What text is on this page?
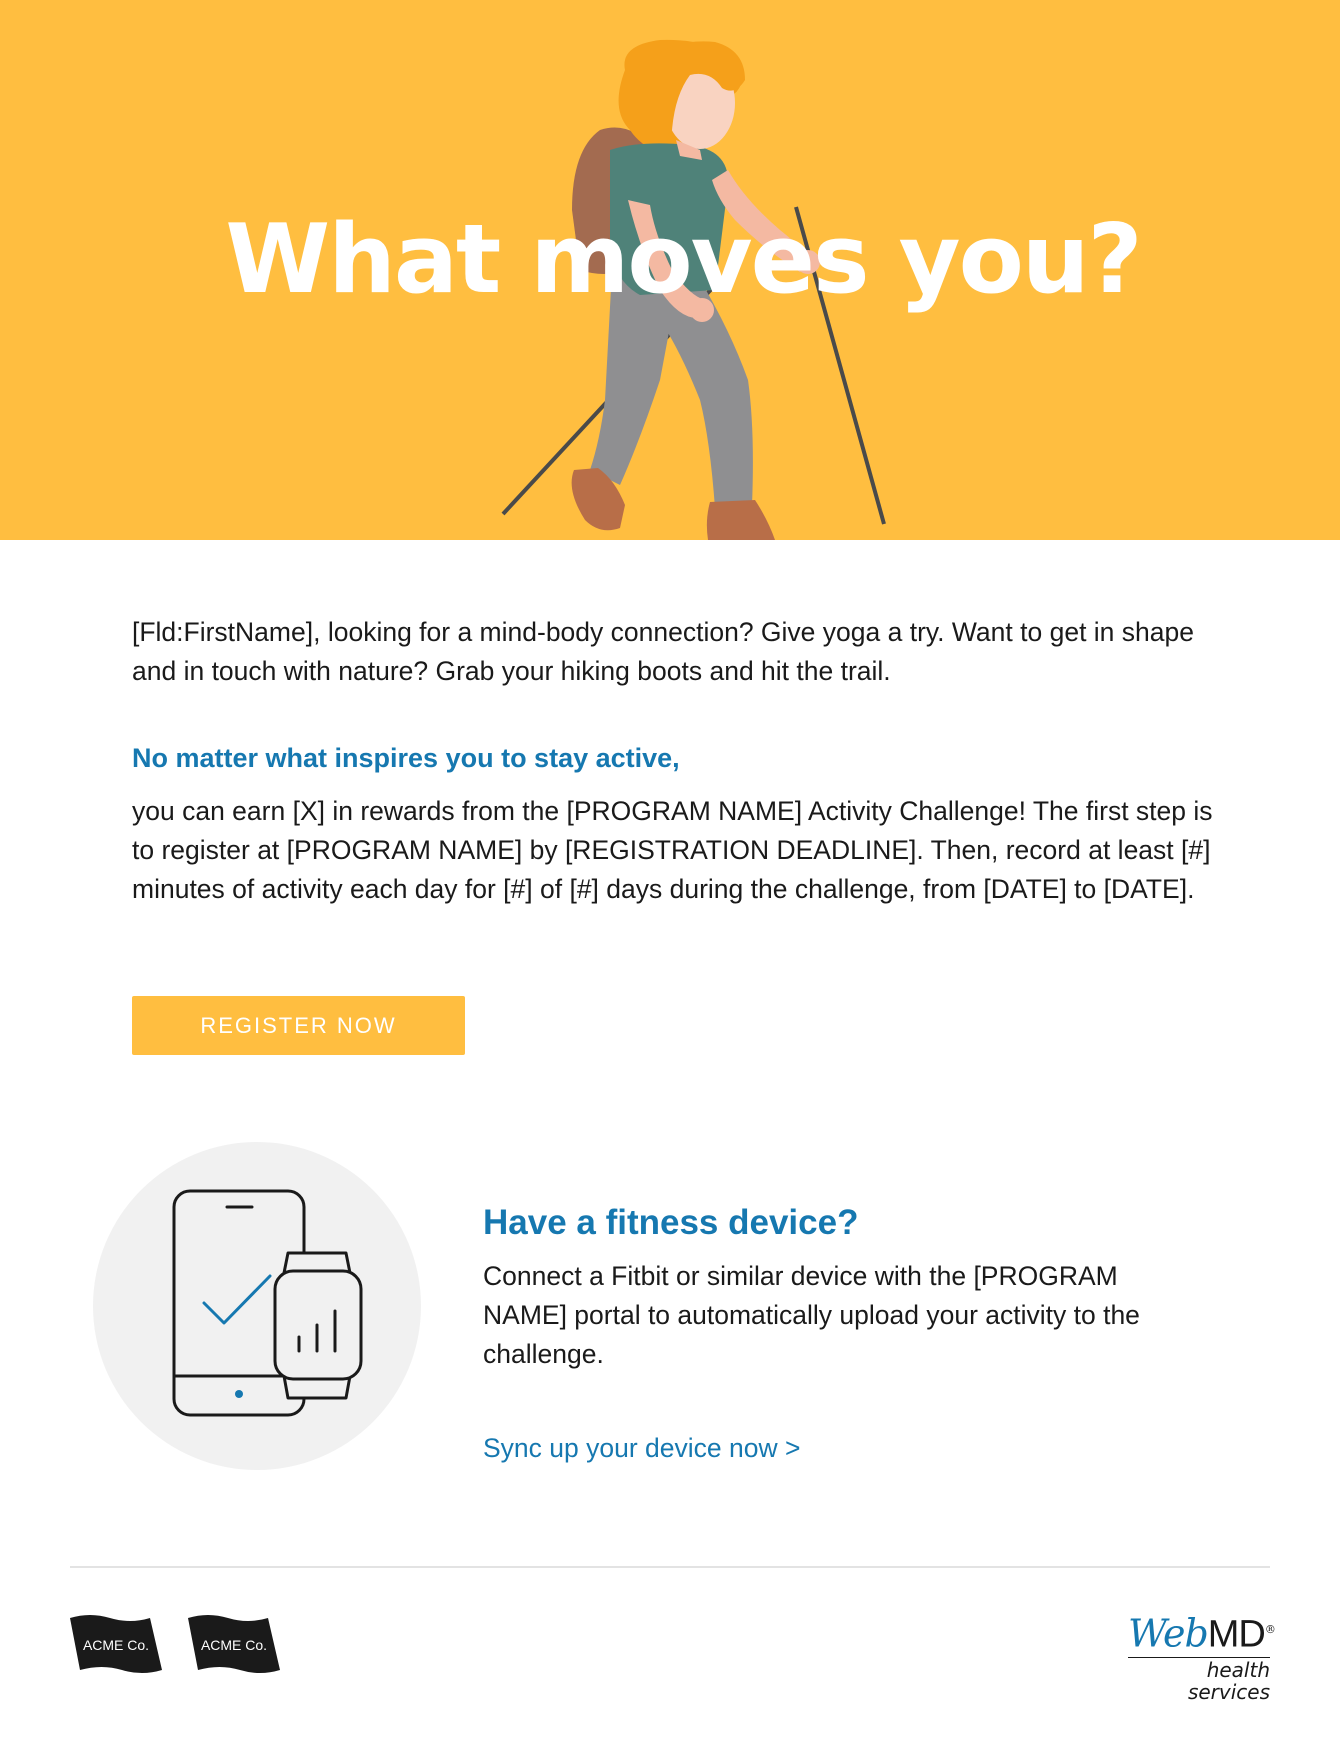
What moves you?

[Fld:FirstName], looking for a mind-body connection? Give yoga a try. Want to get in shape and in touch with nature? Grab your hiking boots and hit the trail.

No matter what inspires you to stay active,

you can earn [X] in rewards from the [PROGRAM NAME] Activity Challenge! The first step is to register at [PROGRAM NAME] by [REGISTRATION DEADLINE]. Then, record at least [#] minutes of activity each day for [#] of [#] days during the challenge, from [DATE] to [DATE].

REGISTER NOW
Have a fitness device?

Connect a Fitbit or similar device with the [PROGRAM NAME] portal to automatically upload your activity to the challenge.

Sync up your device now >
ACME Co.	ACME Co.	WebMD®
health services
